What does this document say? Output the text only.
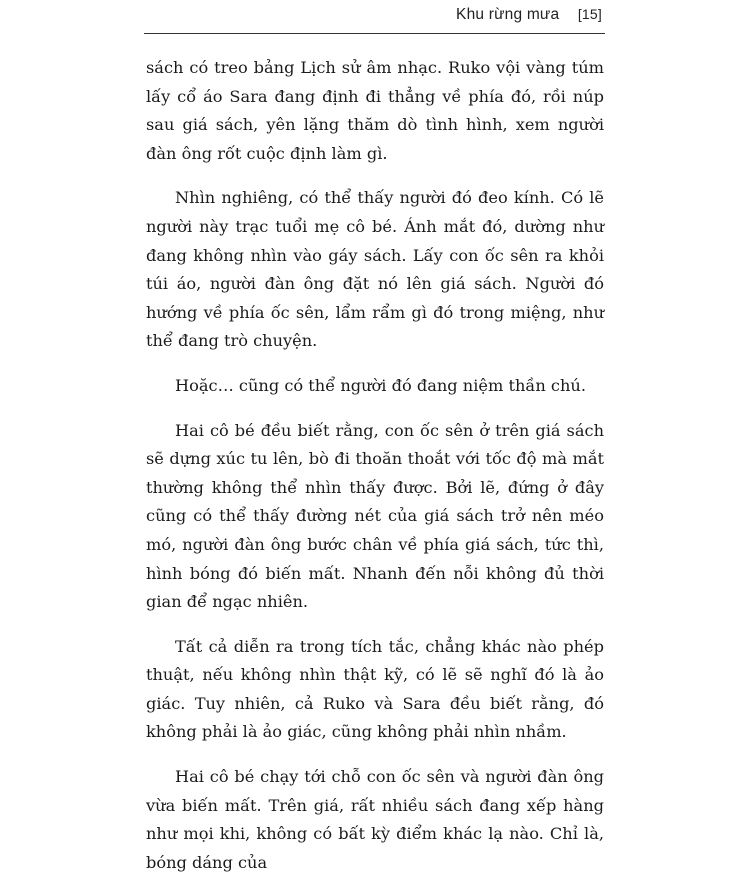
Khu rừng mưa [15]

sách có treo bảng Lịch sử âm nhạc. Ruko vội vàng túm lấy cổ áo Sara đang định đi thẳng về phía đó, rồi núp sau giá sách, yên lặng thăm dò tình hình, xem người đàn ông rốt cuộc định làm gì.

Nhìn nghiêng, có thể thấy người đó đeo kính. Có lẽ người này trạc tuổi mẹ cô bé. Ánh mắt đó, dường như đang không nhìn vào gáy sách. Lấy con ốc sên ra khỏi túi áo, người đàn ông đặt nó lên giá sách. Người đó hướng về phía ốc sên, lẩm rẩm gì đó trong miệng, như thể đang trò chuyện.

Hoặc… cũng có thể người đó đang niệm thần chú.

Hai cô bé đều biết rằng, con ốc sên ở trên giá sách sẽ dựng xúc tu lên, bò đi thoăn thoắt với tốc độ mà mắt thường không thể nhìn thấy được. Bởi lẽ, đứng ở đây cũng có thể thấy đường nét của giá sách trở nên méo mó, người đàn ông bước chân về phía giá sách, tức thì, hình bóng đó biến mất. Nhanh đến nỗi không đủ thời gian để ngạc nhiên.

Tất cả diễn ra trong tích tắc, chẳng khác nào phép thuật, nếu không nhìn thật kỹ, có lẽ sẽ nghĩ đó là ảo giác. Tuy nhiên, cả Ruko và Sara đều biết rằng, đó không phải là ảo giác, cũng không phải nhìn nhầm.

Hai cô bé chạy tới chỗ con ốc sên và người đàn ông vừa biến mất. Trên giá, rất nhiều sách đang xếp hàng như mọi khi, không có bất kỳ điểm khác lạ nào. Chỉ là, bóng dáng của
